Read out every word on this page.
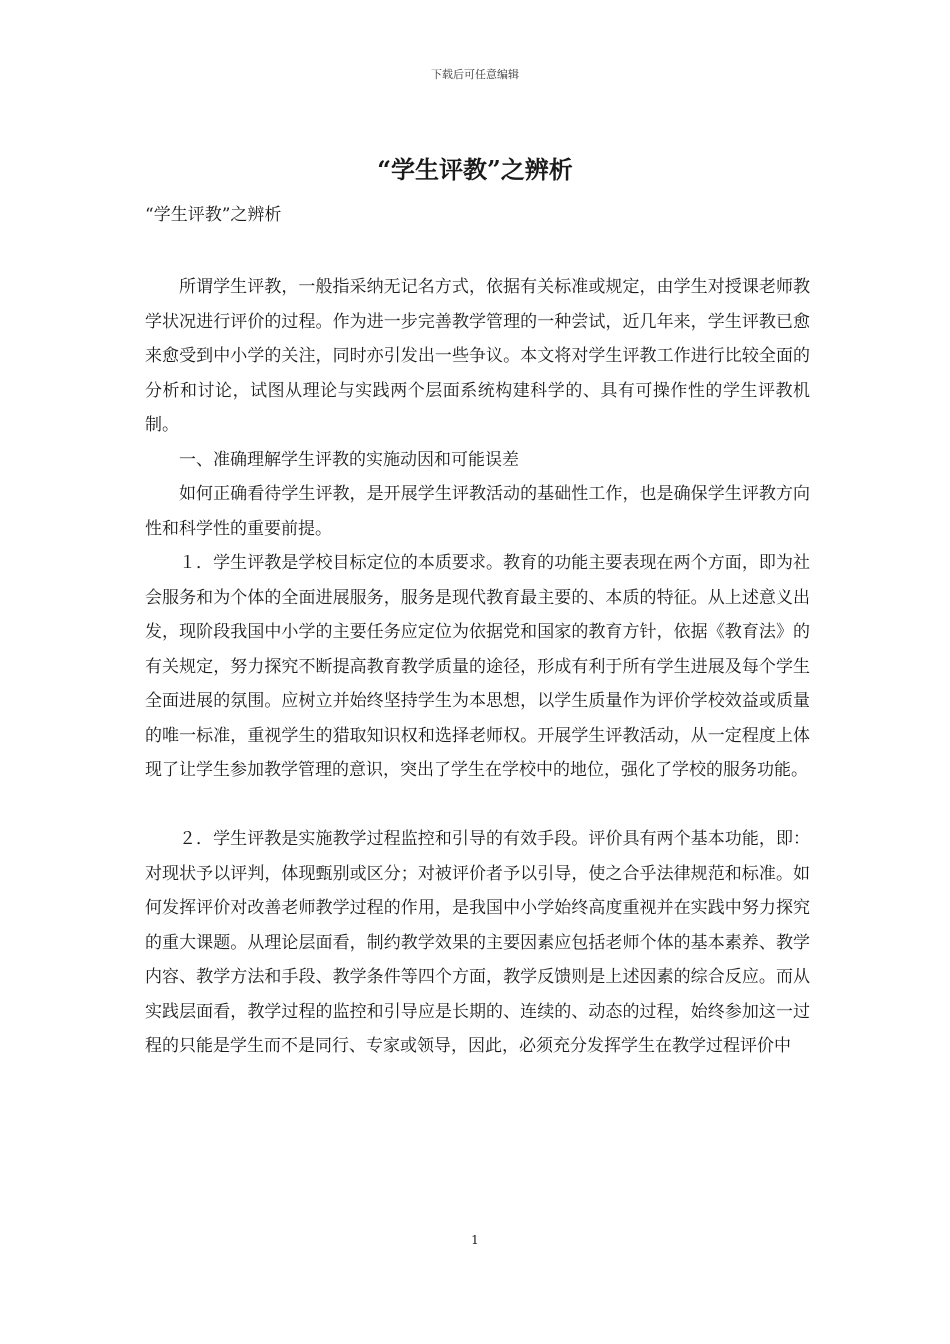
下载后可任意编辑
“学生评教”之辨析

“学生评教”之辨析

所谓学生评教，一般指采纳无记名方式，依据有关标准或规定，由学生对授课老师教学状况进行评价的过程。作为进一步完善教学管理的一种尝试，近几年来，学生评教已愈来愈受到中小学的关注，同时亦引发出一些争议。本文将对学生评教工作进行比较全面的分析和讨论，试图从理论与实践两个层面系统构建科学的、具有可操作性的学生评教机制。

一、准确理解学生评教的实施动因和可能误差

如何正确看待学生评教，是开展学生评教活动的基础性工作，也是确保学生评教方向性和科学性的重要前提。

１．学生评教是学校目标定位的本质要求。教育的功能主要表现在两个方面，即为社会服务和为个体的全面进展服务，服务是现代教育最主要的、本质的特征。从上述意义出发，现阶段我国中小学的主要任务应定位为依据党和国家的教育方针，依据《教育法》的有关规定，努力探究不断提高教育教学质量的途径，形成有利于所有学生进展及每个学生全面进展的氛围。应树立并始终坚持学生为本思想，以学生质量作为评价学校效益或质量的唯一标准，重视学生的猎取知识权和选择老师权。开展学生评教活动，从一定程度上体现了让学生参加教学管理的意识，突出了学生在学校中的地位，强化了学校的服务功能。

２．学生评教是实施教学过程监控和引导的有效手段。评价具有两个基本功能，即：对现状予以评判，体现甄别或区分；对被评价者予以引导，使之合乎法律规范和标准。如何发挥评价对改善老师教学过程的作用，是我国中小学始终高度重视并在实践中努力探究的重大课题。从理论层面看，制约教学效果的主要因素应包括老师个体的基本素养、教学内容、教学方法和手段、教学条件等四个方面，教学反馈则是上述因素的综合反应。而从实践层面看，教学过程的监控和引导应是长期的、连续的、动态的过程，始终参加这一过程的只能是学生而不是同行、专家或领导，因此，必须充分发挥学生在教学过程评价中

1
